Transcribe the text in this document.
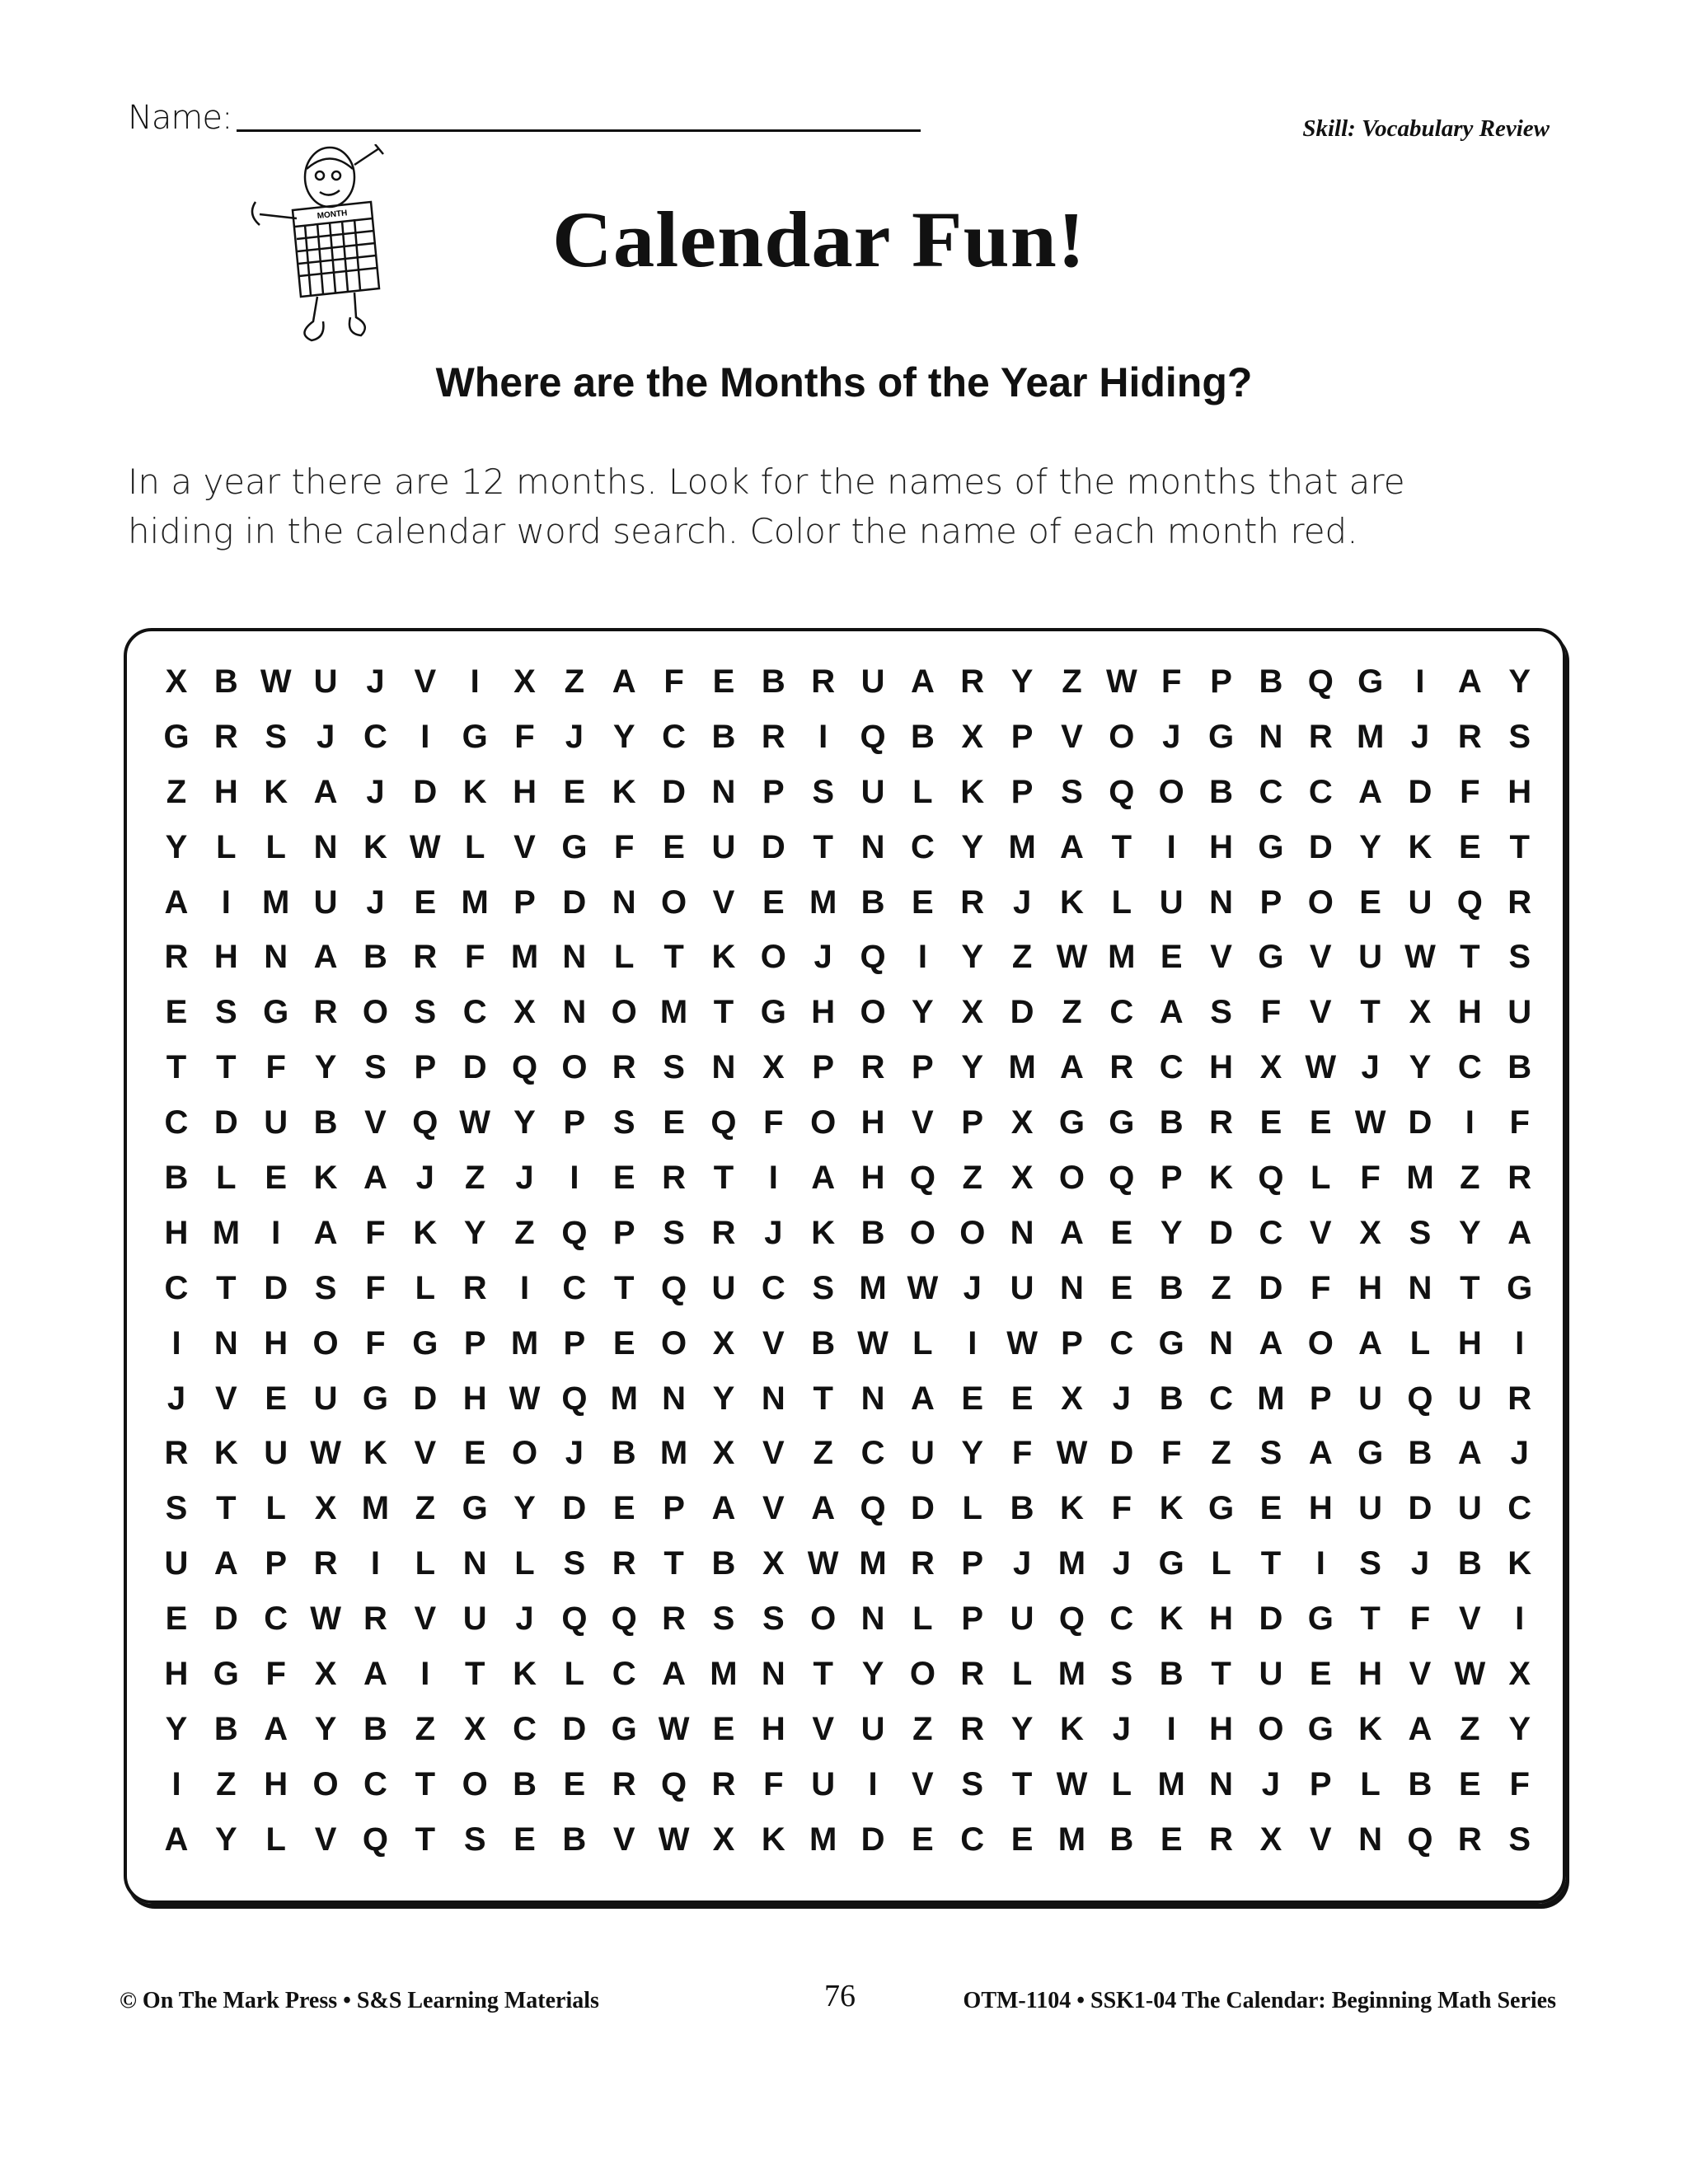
Name:	Skill: Vocabulary Review
MONTH	Calendar Fun!
Where are the Months of the Year Hiding?
In a year there are 12 months. Look for the names of the months that are
hiding in the calendar word search. Color the name of each month red.
X B W U J V	I	X Z A F E B R U A R Y Z W F P B Q G I	A Y
G R S J C	I G F J Y C B R	I Q B X P V O J G N R M J R S
Z H K A J D K H E K D N P S U L K P S Q O B C C A D F H
Y L L N K W L V G F E U D T N C Y M A T	I	H G D Y K E T
A	I M U J E M P D N O V E M B E R J K L U N P O E U Q R
R H N A B R F M N L T K O J Q I	Y Z W M E V G V U W T S
E S G R O S C X N O M T G H O Y X D Z C A S F V T X H U
T T F Y S P D Q O R S N X P R P Y M A R C H X W J Y C B
C D U B V Q W Y P S E Q F O H V P X G G B R E E W D	I	F
B L E K A J Z J	I	E R T	I	A H Q Z X O Q P K Q L F M Z R
H M I	A F K Y Z Q P S R J K B O O N A E Y D C V X S Y A
C T D S F L R	I	C T Q U C S M W J U N E B Z D F H N T G
I	N H O F G P M P E O X V B W L	I W P C G N A O A L H	I
J V E U G D H W Q M N Y N T N A E E X J B C M P U Q U R
R K U W K V E O J B M X V Z C U Y F W D F Z S A G B A J
S T L X M Z G Y D E P A V A Q D L B K F K G E H U D U C
U A P R	I	L N L S R T B X W M R P J M J G L T	I	S J B K
E D C W R V U J Q Q R S S O N L P U Q C K H D G T F V	I
H G F X A	I	T K L C A M N T Y O R L M S B T U E H V W X
Y B A Y B Z X C D G W E H V U Z R Y K J	I	H O G K A Z Y
I	Z H O C T O B E R Q R F U	I	V S T W L M N J P L B E F
A Y L V Q T S E B V W X K M D E C E M B E R X V N Q R S
© On The Mark Press • S&S Learning Materials	76	OTM-1104 • SSK1-04 The Calendar: Beginning Math Series
